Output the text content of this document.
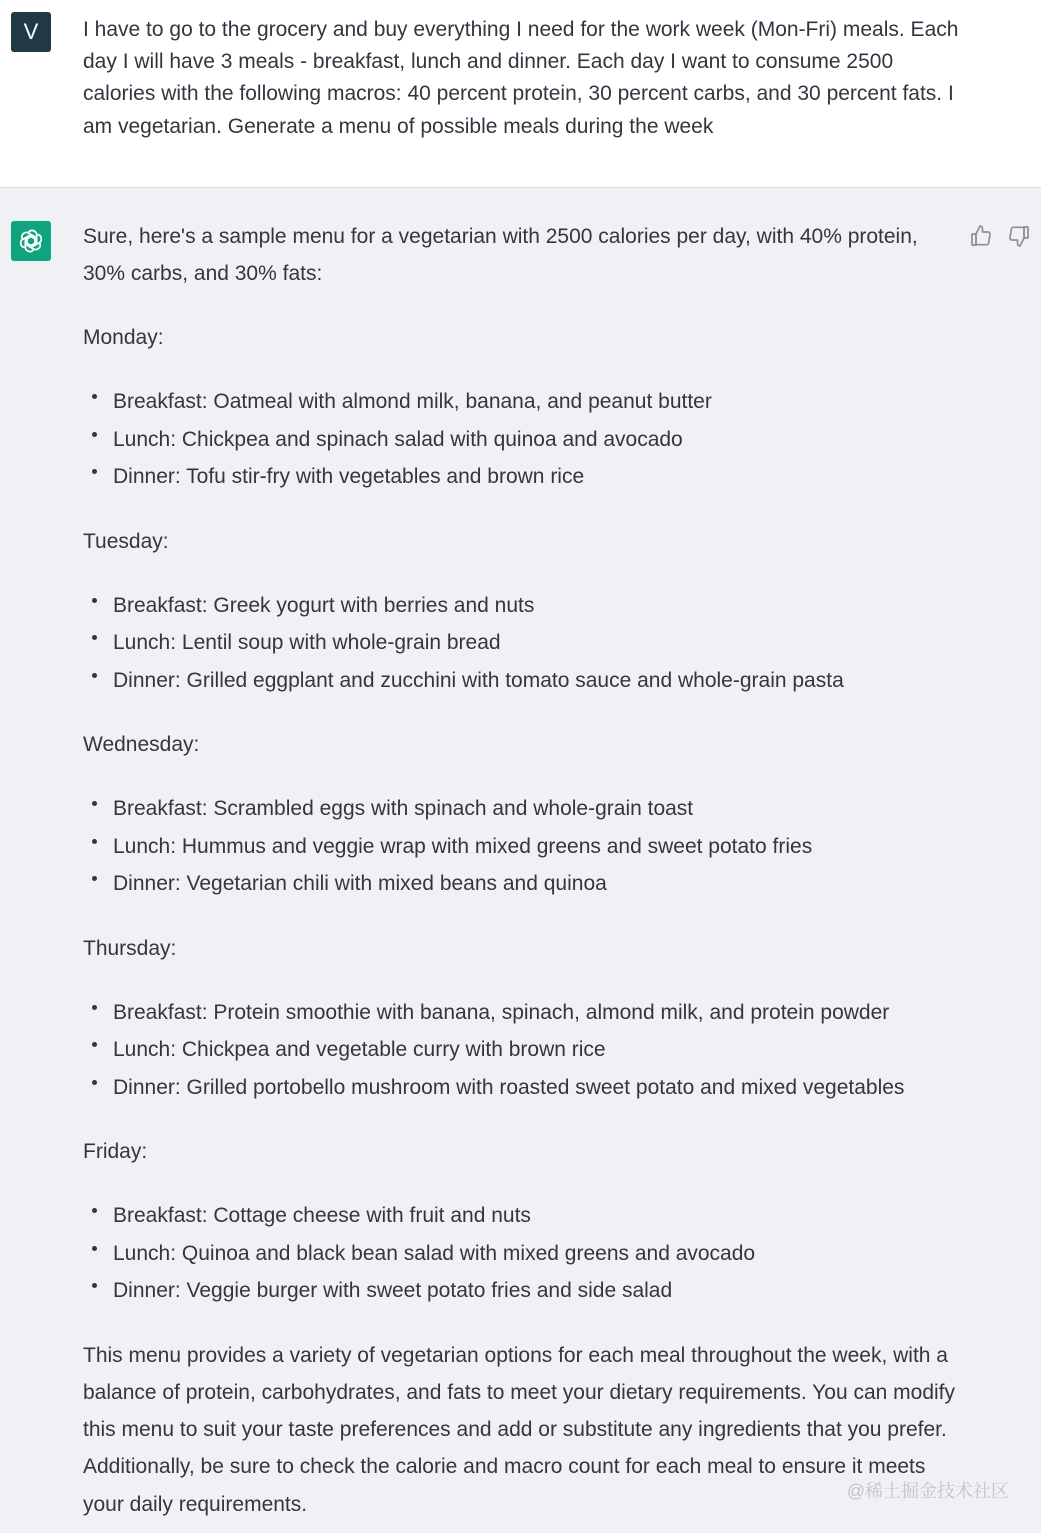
V	I have to go to the grocery and buy everything I need for the work week (Mon-Fri) meals. Each day I will have 3 meals - breakfast, lunch and dinner. Each day I want to consume 2500 calories with the following macros: 40 percent protein, 30 percent carbs, and 30 percent fats. I am vegetarian. Generate a menu of possible meals during the week

Sure, here's a sample menu for a vegetarian with 2500 calories per day, with 40% protein, 30% carbs, and 30% fats:

Monday:

Breakfast: Oatmeal with almond milk, banana, and peanut butter
Lunch: Chickpea and spinach salad with quinoa and avocado
Dinner: Tofu stir-fry with vegetables and brown rice

Tuesday:

Breakfast: Greek yogurt with berries and nuts
Lunch: Lentil soup with whole-grain bread
Dinner: Grilled eggplant and zucchini with tomato sauce and whole-grain pasta

Wednesday:

Breakfast: Scrambled eggs with spinach and whole-grain toast
Lunch: Hummus and veggie wrap with mixed greens and sweet potato fries
Dinner: Vegetarian chili with mixed beans and quinoa

Thursday:

Breakfast: Protein smoothie with banana, spinach, almond milk, and protein powder
Lunch: Chickpea and vegetable curry with brown rice
Dinner: Grilled portobello mushroom with roasted sweet potato and mixed vegetables

Friday:

Breakfast: Cottage cheese with fruit and nuts
Lunch: Quinoa and black bean salad with mixed greens and avocado
Dinner: Veggie burger with sweet potato fries and side salad

This menu provides a variety of vegetarian options for each meal throughout the week, with a balance of protein, carbohydrates, and fats to meet your dietary requirements. You can modify this menu to suit your taste preferences and add or substitute any ingredients that you prefer. Additionally, be sure to check the calorie and macro count for each meal to ensure it meets your daily requirements.

@稀土掘金技术社区
